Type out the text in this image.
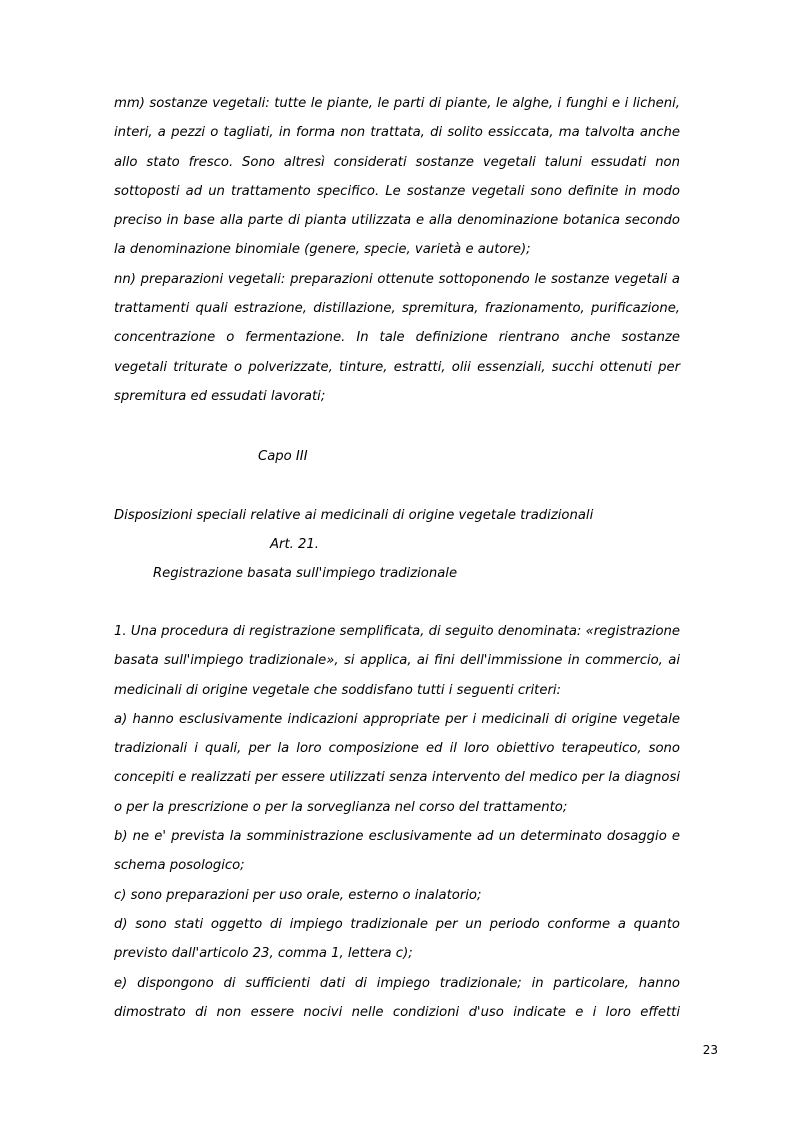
mm) sostanze vegetali: tutte le piante, le parti di piante, le alghe, i funghi e i licheni, interi, a pezzi o tagliati, in forma non trattata, di solito essiccata, ma talvolta anche allo stato fresco. Sono altresì considerati sostanze vegetali taluni essudati non sottoposti ad un trattamento specifico. Le sostanze vegetali sono definite in modo preciso in base alla parte di pianta utilizzata e alla denominazione botanica secondo la denominazione binomiale (genere, specie, varietà e autore);

nn) preparazioni vegetali: preparazioni ottenute sottoponendo le sostanze vegetali a trattamenti quali estrazione, distillazione, spremitura, frazionamento, purificazione, concentrazione o fermentazione. In tale definizione rientrano anche sostanze vegetali triturate o polverizzate, tinture, estratti, olii essenziali, succhi ottenuti per spremitura ed essudati lavorati;

Capo III

Disposizioni speciali relative ai medicinali di origine vegetale tradizionali

Art. 21.

Registrazione basata sull'impiego tradizionale

1. Una procedura di registrazione semplificata, di seguito denominata: «registrazione basata sull'impiego tradizionale», si applica, ai fini dell'immissione in commercio, ai medicinali di origine vegetale che soddisfano tutti i seguenti criteri:

a) hanno esclusivamente indicazioni appropriate per i medicinali di origine vegetale tradizionali i quali, per la loro composizione ed il loro obiettivo terapeutico, sono concepiti e realizzati per essere utilizzati senza intervento del medico per la diagnosi o per la prescrizione o per la sorveglianza nel corso del trattamento;

b) ne e' prevista la somministrazione esclusivamente ad un determinato dosaggio e schema posologico;

c) sono preparazioni per uso orale, esterno o inalatorio;

d) sono stati oggetto di impiego tradizionale per un periodo conforme a quanto previsto dall'articolo 23, comma 1, lettera c);

e) dispongono di sufficienti dati di impiego tradizionale; in particolare, hanno dimostrato di non essere nocivi nelle condizioni d'uso indicate e i loro effetti

23
